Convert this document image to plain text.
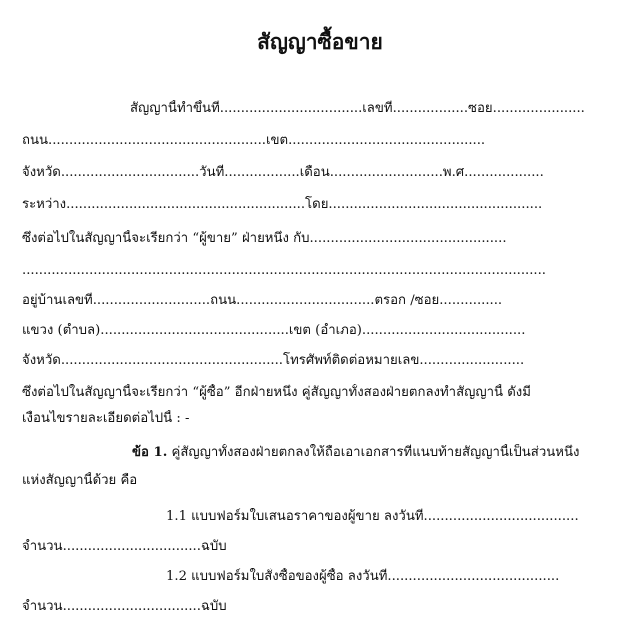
สัญญาซื้อขาย
สัญญานี้ทำขึ้นที่..................................เลขที่..................ซอย......................
ถนน....................................................เขต...............................................
จังหวัด.................................วันที่..................เดือน...........................พ.ศ...................
ระหว่าง.........................................................โดย...................................................
ซึ่งต่อไปในสัญญานี้จะเรียกว่า “ผู้ขาย” ฝ่ายหนึ่ง กับ...............................................
.............................................................................................................................
อยู่บ้านเลขที่............................ถนน.................................ตรอก /ซอย...............
แขวง (ตำบล).............................................เขต (อำเภอ).......................................
จังหวัด.....................................................โทรศัพท์ติดต่อหมายเลข.........................
ซึ่งต่อไปในสัญญานี้จะเรียกว่า “ผู้ซื้อ” อีกฝ่ายหนึ่ง คู่สัญญาทั้งสองฝ่ายตกลงทำสัญญานี้ ดังมี
เงื่อนไขรายละเอียดต่อไปนี้ : -
ข้อ 1. คู่สัญญาทั้งสองฝ่ายตกลงให้ถือเอาเอกสารที่แนบท้ายสัญญานี้เป็นส่วนหนึ่ง
แห่งสัญญานี้ด้วย คือ
1.1 แบบฟอร์มใบเสนอราคาของผู้ขาย ลงวันที่.....................................
จำนวน.................................ฉบับ
1.2 แบบฟอร์มใบสั่งซื้อของผู้ซื้อ ลงวันที่.........................................
จำนวน.................................ฉบับ
